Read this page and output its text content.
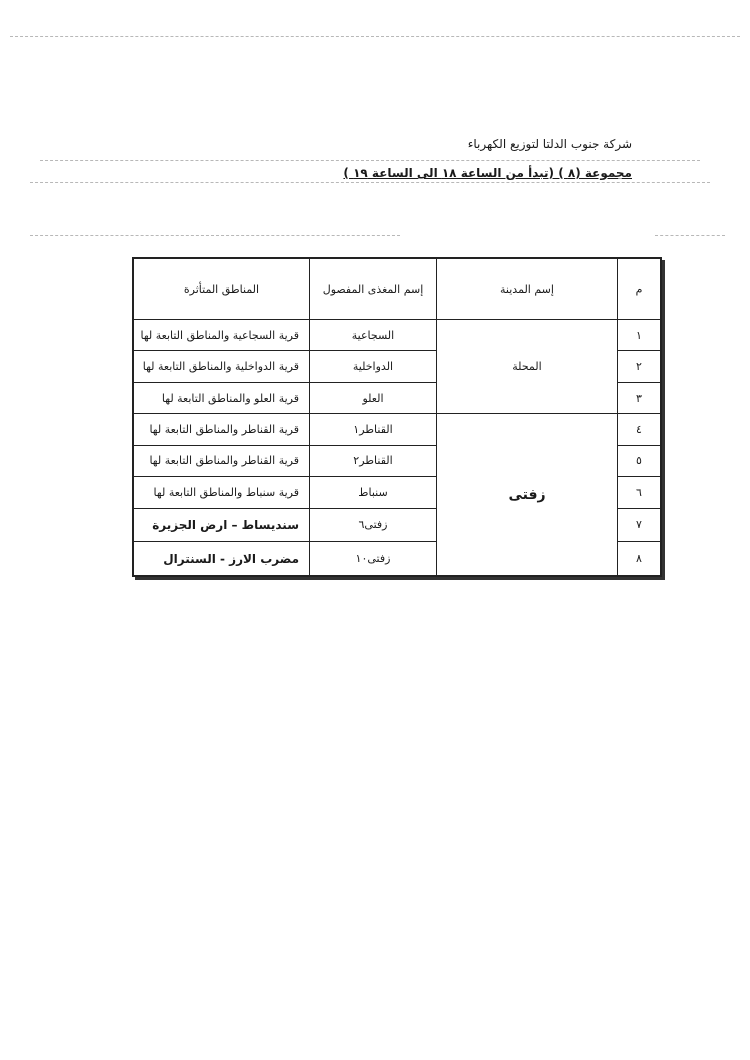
شركة جنوب الدلتا لتوزيع الكهرباء
مجموعة (٨ ) (تبدأ من الساعة ١٨ الى الساعة ١٩ )
م	إسم المدينة	إسم المغذى المفصول	المناطق المتأثرة
١	المحلة	السجاعية	قرية السجاعية والمناطق التابعة لها
٢		الدواخلية	قرية الدواخلية والمناطق التابعة لها
٣		العلو	قرية العلو والمناطق التابعة لها
٤	زفتى	القناطر١	قرية القناطر والمناطق التابعة لها
٥		القناطر٢	قرية القناطر والمناطق التابعة لها
٦		سنباط	قرية سنباط والمناطق التابعة لها
٧		زفتى٦	سنديساط – ارض الجزيرة
٨		زفتى١٠	مضرب الارز - السنترال
